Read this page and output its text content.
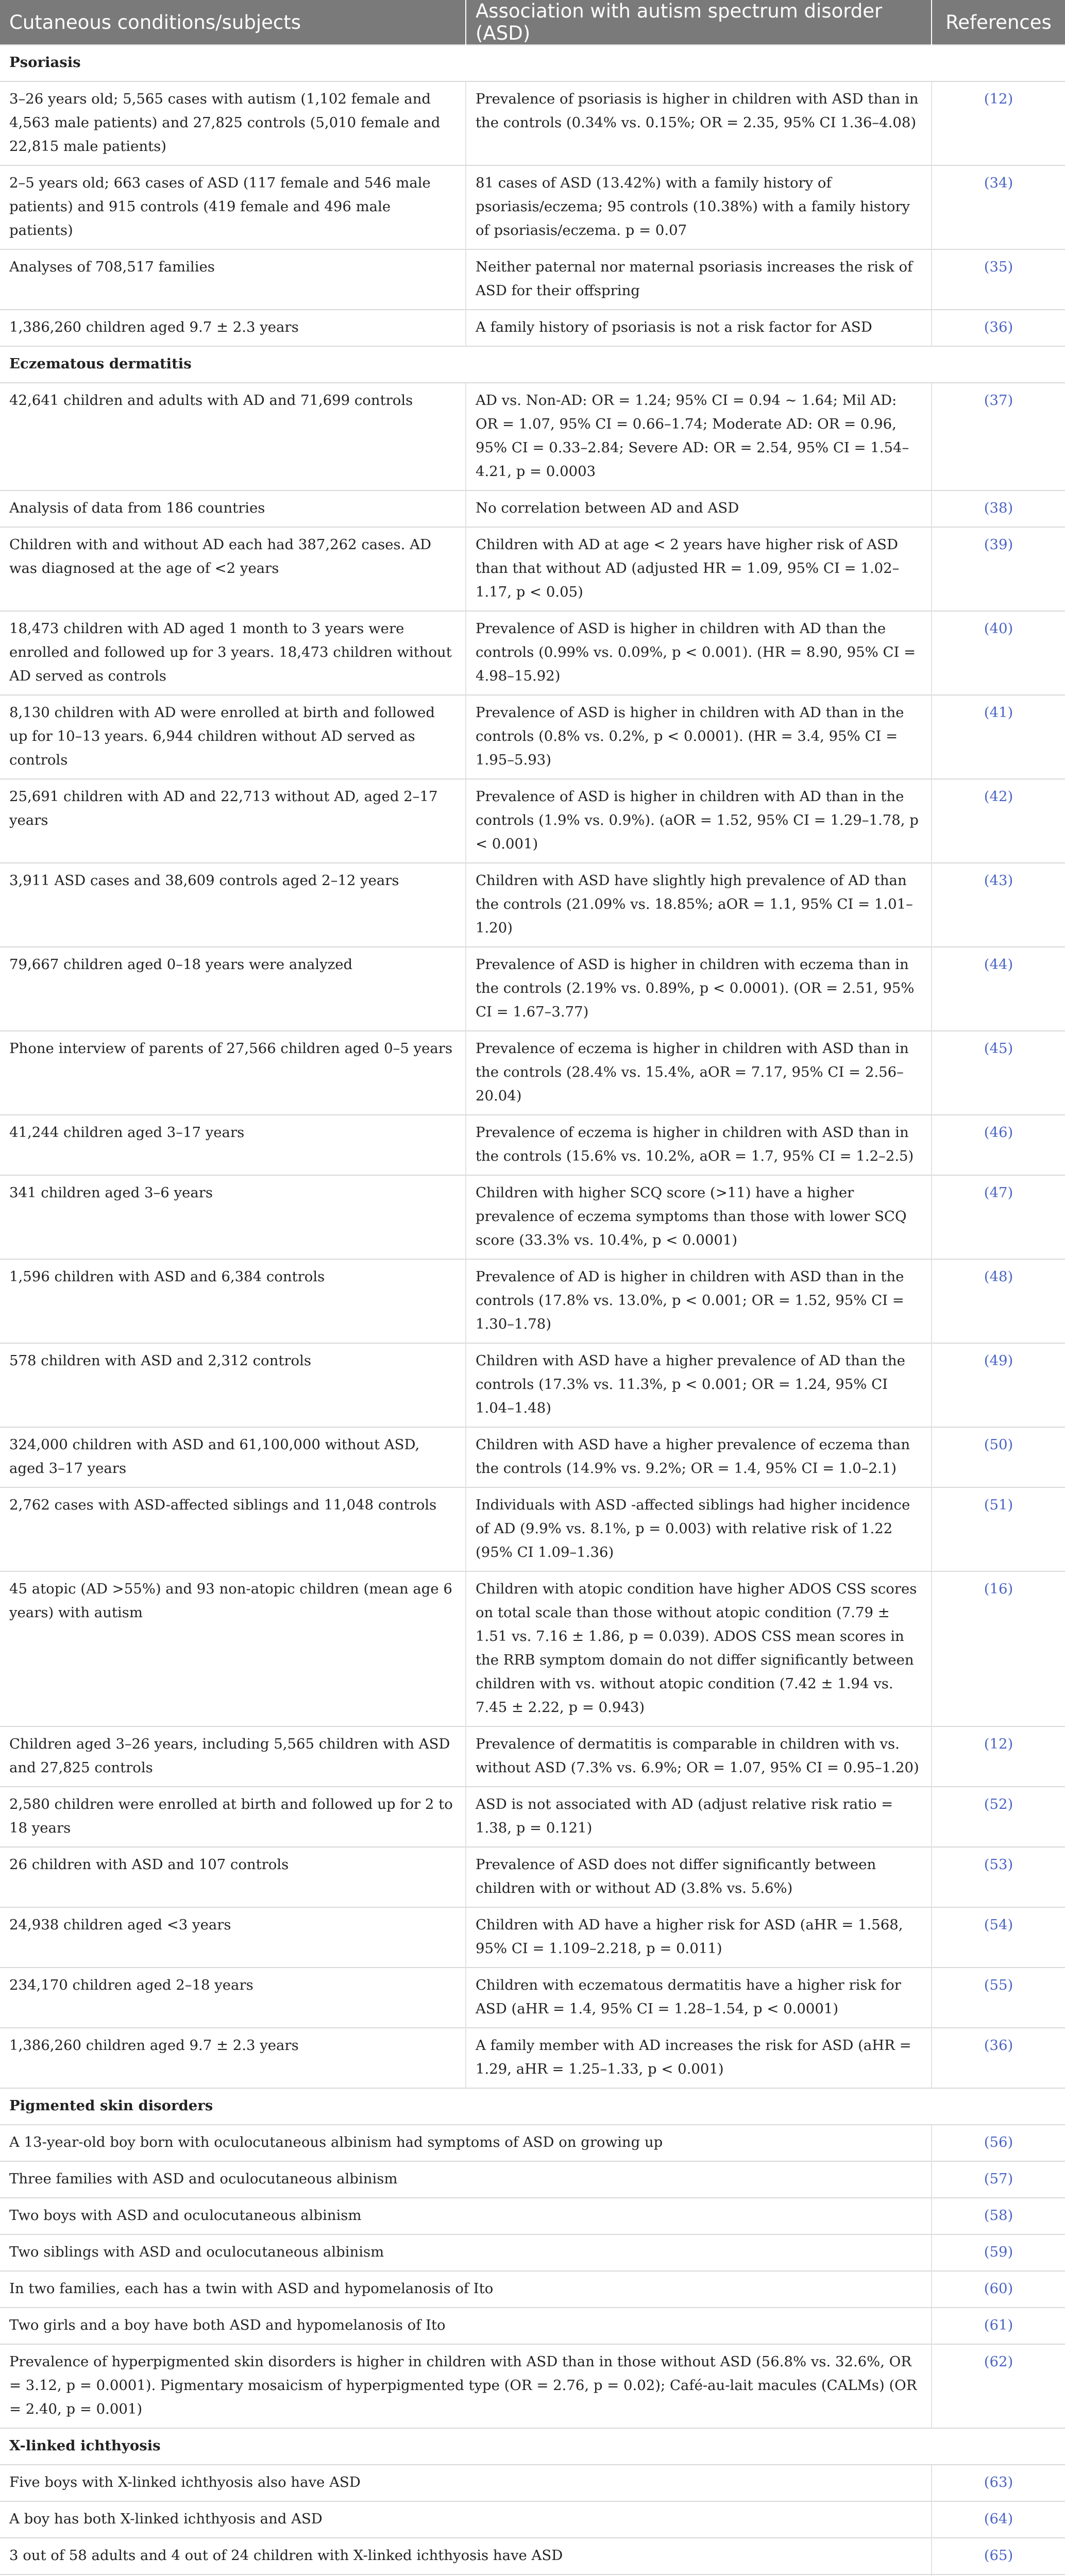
Cutaneous conditions/subjects	Association with autism spectrum disorder (ASD)	References
Psoriasis		
3–26 years old; 5,565 cases with autism (1,102 female and 4,563 male patients) and 27,825 controls (5,010 female and 22,815 male patients)	Prevalence of psoriasis is higher in children with ASD than in the controls (0.34% vs. 0.15%; OR = 2.35, 95% CI 1.36–4.08)	(12)
2–5 years old; 663 cases of ASD (117 female and 546 male patients) and 915 controls (419 female and 496 male patients)	81 cases of ASD (13.42%) with a family history of psoriasis/eczema; 95 controls (10.38%) with a family history of psoriasis/eczema. p = 0.07	(34)
Analyses of 708,517 families	Neither paternal nor maternal psoriasis increases the risk of ASD for their offspring	(35)
1,386,260 children aged 9.7 ± 2.3 years	A family history of psoriasis is not a risk factor for ASD	(36)
Eczematous dermatitis		
42,641 children and adults with AD and 71,699 controls	AD vs. Non-AD: OR = 1.24; 95% CI = 0.94 ~ 1.64; Mil AD: OR = 1.07, 95% CI = 0.66–1.74; Moderate AD: OR = 0.96, 95% CI = 0.33–2.84; Severe AD: OR = 2.54, 95% CI = 1.54–4.21, p = 0.0003	(37)
Analysis of data from 186 countries	No correlation between AD and ASD	(38)
Children with and without AD each had 387,262 cases. AD was diagnosed at the age of <2 years	Children with AD at age < 2 years have higher risk of ASD than that without AD (adjusted HR = 1.09, 95% CI = 1.02–1.17, p < 0.05)	(39)
18,473 children with AD aged 1 month to 3 years were enrolled and followed up for 3 years. 18,473 children without AD served as controls	Prevalence of ASD is higher in children with AD than the controls (0.99% vs. 0.09%, p < 0.001). (HR = 8.90, 95% CI = 4.98–15.92)	(40)
8,130 children with AD were enrolled at birth and followed up for 10–13 years. 6,944 children without AD served as controls	Prevalence of ASD is higher in children with AD than in the controls (0.8% vs. 0.2%, p < 0.0001). (HR = 3.4, 95% CI = 1.95–5.93)	(41)
25,691 children with AD and 22,713 without AD, aged 2–17 years	Prevalence of ASD is higher in children with AD than in the controls (1.9% vs. 0.9%). (aOR = 1.52, 95% CI = 1.29–1.78, p < 0.001)	(42)
3,911 ASD cases and 38,609 controls aged 2–12 years	Children with ASD have slightly high prevalence of AD than the controls (21.09% vs. 18.85%; aOR = 1.1, 95% CI = 1.01–1.20)	(43)
79,667 children aged 0–18 years were analyzed	Prevalence of ASD is higher in children with eczema than in the controls (2.19% vs. 0.89%, p < 0.0001). (OR = 2.51, 95% CI = 1.67–3.77)	(44)
Phone interview of parents of 27,566 children aged 0–5 years	Prevalence of eczema is higher in children with ASD than in the controls (28.4% vs. 15.4%, aOR = 7.17, 95% CI = 2.56–20.04)	(45)
41,244 children aged 3–17 years	Prevalence of eczema is higher in children with ASD than in the controls (15.6% vs. 10.2%, aOR = 1.7, 95% CI = 1.2–2.5)	(46)
341 children aged 3–6 years	Children with higher SCQ score (>11) have a higher prevalence of eczema symptoms than those with lower SCQ score (33.3% vs. 10.4%, p < 0.0001)	(47)
1,596 children with ASD and 6,384 controls	Prevalence of AD is higher in children with ASD than in the controls (17.8% vs. 13.0%, p < 0.001; OR = 1.52, 95% CI = 1.30–1.78)	(48)
578 children with ASD and 2,312 controls	Children with ASD have a higher prevalence of AD than the controls (17.3% vs. 11.3%, p < 0.001; OR = 1.24, 95% CI 1.04–1.48)	(49)
324,000 children with ASD and 61,100,000 without ASD, aged 3–17 years	Children with ASD have a higher prevalence of eczema than the controls (14.9% vs. 9.2%; OR = 1.4, 95% CI = 1.0–2.1)	(50)
2,762 cases with ASD-affected siblings and 11,048 controls	Individuals with ASD -affected siblings had higher incidence of AD (9.9% vs. 8.1%, p = 0.003) with relative risk of 1.22 (95% CI 1.09–1.36)	(51)
45 atopic (AD >55%) and 93 non-atopic children (mean age 6 years) with autism	Children with atopic condition have higher ADOS CSS scores on total scale than those without atopic condition (7.79 ± 1.51 vs. 7.16 ± 1.86, p = 0.039). ADOS CSS mean scores in the RRB symptom domain do not differ significantly between children with vs. without atopic condition (7.42 ± 1.94 vs. 7.45 ± 2.22, p = 0.943)	(16)
Children aged 3–26 years, including 5,565 children with ASD and 27,825 controls	Prevalence of dermatitis is comparable in children with vs. without ASD (7.3% vs. 6.9%; OR = 1.07, 95% CI = 0.95–1.20)	(12)
2,580 children were enrolled at birth and followed up for 2 to 18 years	ASD is not associated with AD (adjust relative risk ratio = 1.38, p = 0.121)	(52)
26 children with ASD and 107 controls	Prevalence of ASD does not differ significantly between children with or without AD (3.8% vs. 5.6%)	(53)
24,938 children aged <3 years	Children with AD have a higher risk for ASD (aHR = 1.568, 95% CI = 1.109–2.218, p = 0.011)	(54)
234,170 children aged 2–18 years	Children with eczematous dermatitis have a higher risk for ASD (aHR = 1.4, 95% CI = 1.28–1.54, p < 0.0001)	(55)
1,386,260 children aged 9.7 ± 2.3 years	A family member with AD increases the risk for ASD (aHR = 1.29, aHR = 1.25–1.33, p < 0.001)	(36)
Pigmented skin disorders		
A 13-year-old boy born with oculocutaneous albinism had symptoms of ASD on growing up		(56)
Three families with ASD and oculocutaneous albinism		(57)
Two boys with ASD and oculocutaneous albinism		(58)
Two siblings with ASD and oculocutaneous albinism		(59)
In two families, each has a twin with ASD and hypomelanosis of Ito		(60)
Two girls and a boy have both ASD and hypomelanosis of Ito		(61)
Prevalence of hyperpigmented skin disorders is higher in children with ASD than in those without ASD (56.8% vs. 32.6%, OR = 3.12, p = 0.0001). Pigmentary mosaicism of hyperpigmented type (OR = 2.76, p = 0.02); Café-au-lait macules (CALMs) (OR = 2.40, p = 0.001)		(62)
X-linked ichthyosis		
Five boys with X-linked ichthyosis also have ASD		(63)
A boy has both X-linked ichthyosis and ASD		(64)
3 out of 58 adults and 4 out of 24 children with X-linked ichthyosis have ASD		(65)
